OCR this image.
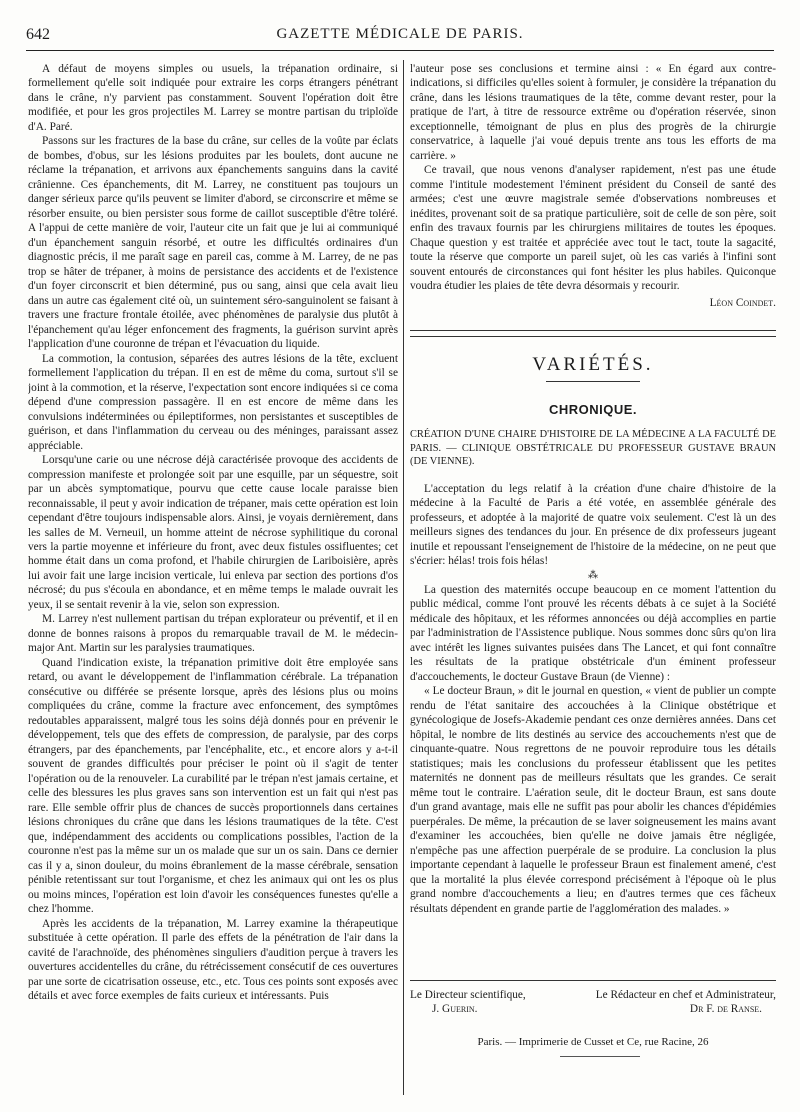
642	GAZETTE MÉDICALE DE PARIS.

A défaut de moyens simples ou usuels, la trépanation ordinaire, si formellement qu'elle soit indiquée pour extraire les corps étrangers pénétrant dans le crâne, n'y parvient pas constamment. Souvent l'opération doit être modifiée, et pour les gros projectiles M. Larrey se montre partisan du triploïde d'A. Paré.

Passons sur les fractures de la base du crâne, sur celles de la voûte par éclats de bombes, d'obus, sur les lésions produites par les boulets, dont aucune ne réclame la trépanation, et arrivons aux épanchements sanguins dans la cavité crânienne. Ces épanchements, dit M. Larrey, ne constituent pas toujours un danger sérieux parce qu'ils peuvent se limiter d'abord, se circonscrire et même se résorber ensuite, ou bien persister sous forme de caillot susceptible d'être toléré. A l'appui de cette manière de voir, l'auteur cite un fait que je lui ai communiqué d'un épanchement sanguin résorbé, et outre les difficultés ordinaires d'un diagnostic précis, il me paraît sage en pareil cas, comme à M. Larrey, de ne pas trop se hâter de trépaner, à moins de persistance des accidents et de l'existence d'un foyer circonscrit et bien déterminé, pus ou sang, ainsi que cela avait lieu dans un autre cas également cité où, un suintement séro-sanguinolent se faisant à travers une fracture frontale étoilée, avec phénomènes de paralysie dus plutôt à l'épanchement qu'au léger enfoncement des fragments, la guérison survint après l'application d'une couronne de trépan et l'évacuation du liquide.

La commotion, la contusion, séparées des autres lésions de la tête, excluent formellement l'application du trépan. Il en est de même du coma, surtout s'il se joint à la commotion, et la réserve, l'expectation sont encore indiquées si ce coma dépend d'une compression passagère. Il en est encore de même dans les convulsions indéterminées ou épileptiformes, non persistantes et susceptibles de guérison, et dans l'inflammation du cerveau ou des méninges, paraissant assez appréciable.

Lorsqu'une carie ou une nécrose déjà caractérisée provoque des accidents de compression manifeste et prolongée soit par une esquille, par un séquestre, soit par un abcès symptomatique, pourvu que cette cause locale paraisse bien reconnaissable, il peut y avoir indication de trépaner, mais cette opération est loin cependant d'être toujours indispensable alors. Ainsi, je voyais dernièrement, dans les salles de M. Verneuil, un homme atteint de nécrose syphilitique du coronal vers la partie moyenne et inférieure du front, avec deux fistules ossifluentes; cet homme était dans un coma profond, et l'habile chirurgien de Lariboisière, après lui avoir fait une large incision verticale, lui enleva par section des portions d'os nécrosé; du pus s'écoula en abondance, et en même temps le malade ouvrait les yeux, il se sentait revenir à la vie, selon son expression.

M. Larrey n'est nullement partisan du trépan explorateur ou préventif, et il en donne de bonnes raisons à propos du remarquable travail de M. le médecin-major Ant. Martin sur les paralysies traumatiques.

Quand l'indication existe, la trépanation primitive doit être employée sans retard, ou avant le développement de l'inflammation cérébrale. La trépanation consécutive ou différée se présente lorsque, après des lésions plus ou moins compliquées du crâne, comme la fracture avec enfoncement, des symptômes redoutables apparaissent, malgré tous les soins déjà donnés pour en prévenir le développement, tels que des effets de compression, de paralysie, par des corps étrangers, par des épanchements, par l'encéphalite, etc., et encore alors y a-t-il souvent de grandes difficultés pour préciser le point où il s'agit de tenter l'opération ou de la renouveler. La curabilité par le trépan n'est jamais certaine, et celle des blessures les plus graves sans son intervention est un fait qui n'est pas rare. Elle semble offrir plus de chances de succès proportionnels dans certaines lésions chroniques du crâne que dans les lésions traumatiques de la tête. C'est que, indépendamment des accidents ou complications possibles, l'action de la couronne n'est pas la même sur un os malade que sur un os sain. Dans ce dernier cas il y a, sinon douleur, du moins ébranlement de la masse cérébrale, sensation pénible retentissant sur tout l'organisme, et chez les animaux qui ont les os plus ou moins minces, l'opération est loin d'avoir les conséquences funestes qu'elle a chez l'homme.

Après les accidents de la trépanation, M. Larrey examine la thérapeutique substituée à cette opération. Il parle des effets de la pénétration de l'air dans la cavité de l'arachnoïde, des phénomènes singuliers d'audition perçue à travers les ouvertures accidentelles du crâne, du rétrécissement consécutif de ces ouvertures par une sorte de cicatrisation osseuse, etc., etc. Tous ces points sont exposés avec détails et avec force exemples de faits curieux et intéressants. Puis

l'auteur pose ses conclusions et termine ainsi : « En égard aux contre-indications, si difficiles qu'elles soient à formuler, je considère la trépanation du crâne, dans les lésions traumatiques de la tête, comme devant rester, pour la pratique de l'art, à titre de ressource extrême ou d'opération réservée, sinon exceptionnelle, témoignant de plus en plus des progrès de la chirurgie conservatrice, à laquelle j'ai voué depuis trente ans tous les efforts de ma carrière. »

Ce travail, que nous venons d'analyser rapidement, n'est pas une étude comme l'intitule modestement l'éminent président du Conseil de santé des armées; c'est une œuvre magistrale semée d'observations nombreuses et inédites, provenant soit de sa pratique particulière, soit de celle de son père, soit enfin des travaux fournis par les chirurgiens militaires de toutes les époques. Chaque question y est traitée et appréciée avec tout le tact, toute la sagacité, toute la réserve que comporte un pareil sujet, où les cas variés à l'infini sont souvent entourés de circonstances qui font hésiter les plus habiles. Quiconque voudra étudier les plaies de tête devra désormais y recourir.

Léon Coindet.
VARIÉTÉS.
CHRONIQUE.
CRÉATION D'UNE CHAIRE D'HISTOIRE DE LA MÉDECINE A LA FACULTÉ DE PARIS. — CLINIQUE OBSTÉTRICALE DU PROFESSEUR GUSTAVE BRAUN (DE VIENNE).

L'acceptation du legs relatif à la création d'une chaire d'histoire de la médecine à la Faculté de Paris a été votée, en assemblée générale des professeurs, et adoptée à la majorité de quatre voix seulement. C'est là un des meilleurs signes des tendances du jour. En présence de dix professeurs jugeant inutile et repoussant l'enseignement de l'histoire de la médecine, on ne peut que s'écrier: hélas! trois fois hélas!

⁂

La question des maternités occupe beaucoup en ce moment l'attention du public médical, comme l'ont prouvé les récents débats à ce sujet à la Société médicale des hôpitaux, et les réformes annoncées ou déjà accomplies en partie par l'administration de l'Assistence publique. Nous sommes donc sûrs qu'on lira avec intérêt les lignes suivantes puisées dans The Lancet, et qui font connaître les résultats de la pratique obstétricale d'un éminent professeur d'accouchements, le docteur Gustave Braun (de Vienne) :

« Le docteur Braun, » dit le journal en question, « vient de publier un compte rendu de l'état sanitaire des accouchées à la Clinique obstétrique et gynécologique de Josefs-Akademie pendant ces onze dernières années. Dans cet hôpital, le nombre de lits destinés au service des accouchements n'est que de cinquante-quatre. Nous regrettons de ne pouvoir reproduire tous les détails statistiques; mais les conclusions du professeur établissent que les petites maternités ne donnent pas de meilleurs résultats que les grandes. Ce serait même tout le contraire. L'aération seule, dit le docteur Braun, est sans doute d'un grand avantage, mais elle ne suffit pas pour abolir les chances d'épidémies puerpérales. De même, la précaution de se laver soigneusement les mains avant d'examiner les accouchées, bien qu'elle ne doive jamais être négligée, n'empêche pas une affection puerpérale de se produire. La conclusion la plus importante cependant à laquelle le professeur Braun est finalement amené, c'est que la mortalité la plus élevée correspond précisément à l'époque où le plus grand nombre d'accouchements a lieu; en d'autres termes que ces fâcheux résultats dépendent en grande partie de l'agglomération des malades. »

Le Directeur scientifique,	Le Rédacteur en chef et Administrateur,
J. Guerin.	Dr F. de Ranse.
Paris. — Imprimerie de Cusset et Ce, rue Racine, 26
